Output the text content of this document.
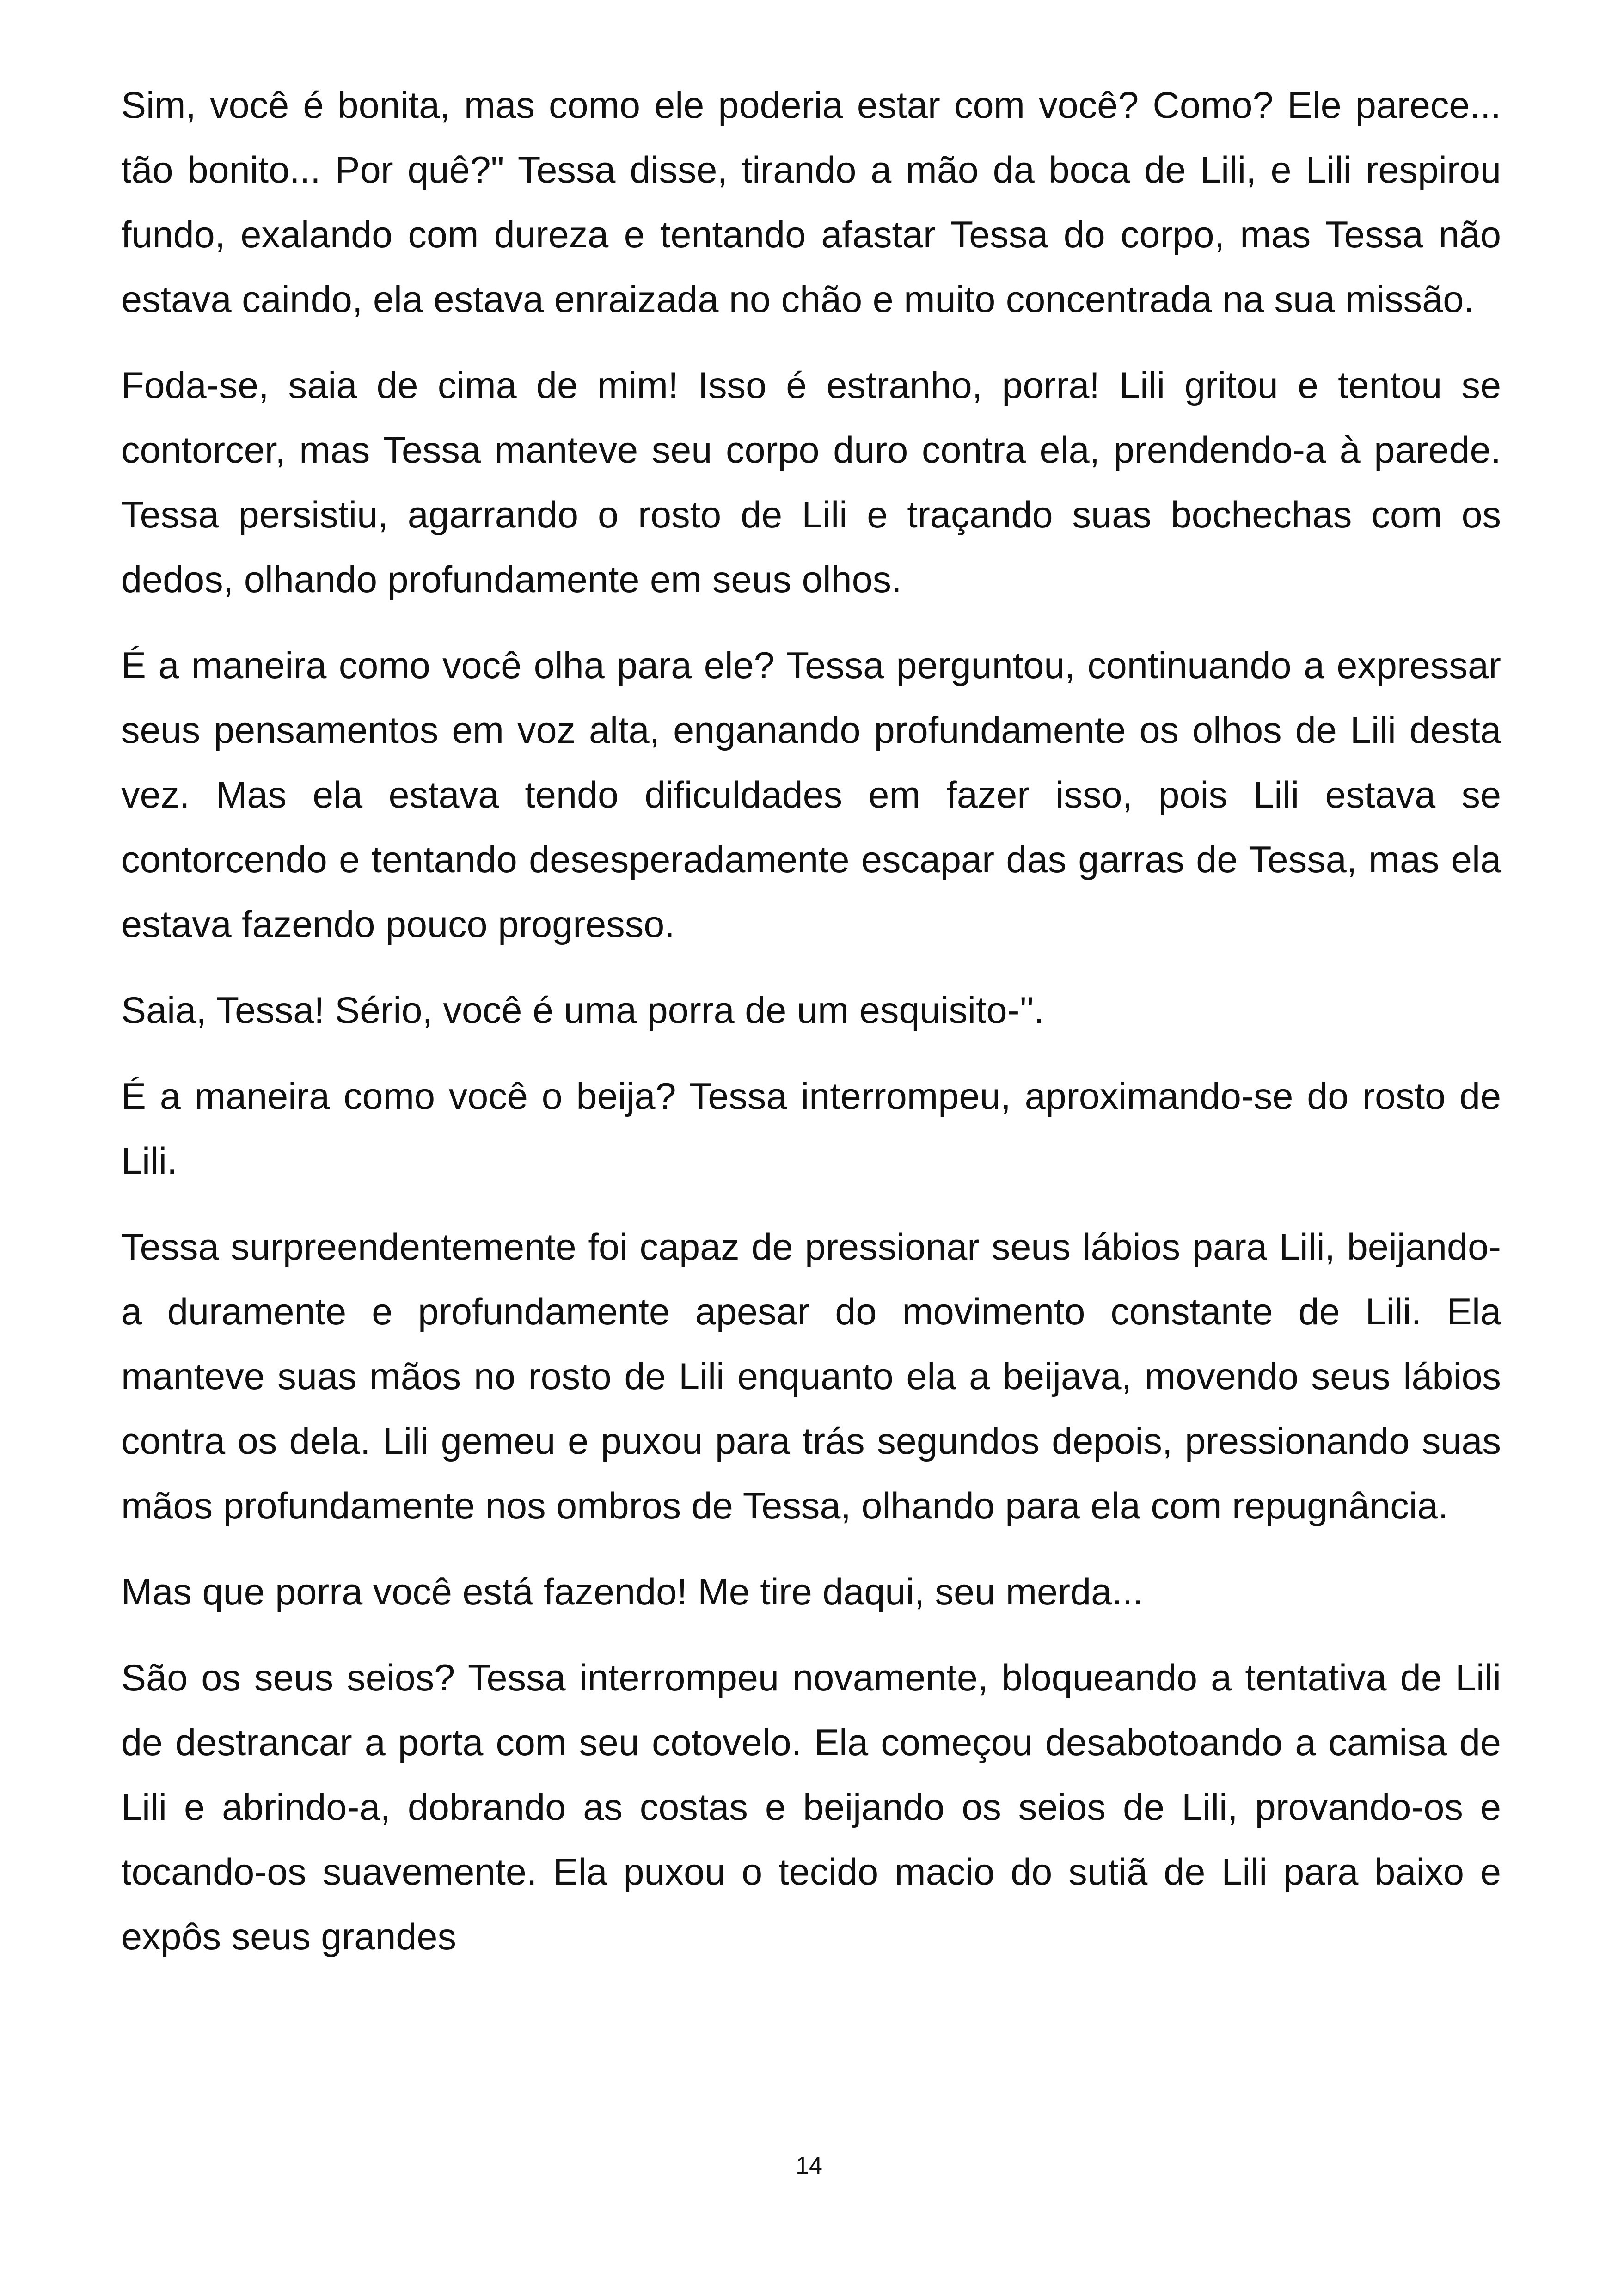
Sim, você é bonita, mas como ele poderia estar com você? Como? Ele parece... tão bonito... Por quê?" Tessa disse, tirando a mão da boca de Lili, e Lili respirou fundo, exalando com dureza e tentando afastar Tessa do corpo, mas Tessa não estava caindo, ela estava enraizada no chão e muito concentrada na sua missão.

Foda-se, saia de cima de mim! Isso é estranho, porra! Lili gritou e tentou se contorcer, mas Tessa manteve seu corpo duro contra ela, prendendo-a à parede. Tessa persistiu, agarrando o rosto de Lili e traçando suas bochechas com os dedos, olhando profundamente em seus olhos.

É a maneira como você olha para ele? Tessa perguntou, continuando a expressar seus pensamentos em voz alta, enganando profundamente os olhos de Lili desta vez. Mas ela estava tendo dificuldades em fazer isso, pois Lili estava se contorcendo e tentando desesperadamente escapar das garras de Tessa, mas ela estava fazendo pouco progresso.

Saia, Tessa! Sério, você é uma porra de um esquisito-''.

É a maneira como você o beija? Tessa interrompeu, aproximando-se do rosto de Lili.

Tessa surpreendentemente foi capaz de pressionar seus lábios para Lili, beijando-a duramente e profundamente apesar do movimento constante de Lili. Ela manteve suas mãos no rosto de Lili enquanto ela a beijava, movendo seus lábios contra os dela. Lili gemeu e puxou para trás segundos depois, pressionando suas mãos profundamente nos ombros de Tessa, olhando para ela com repugnância.

Mas que porra você está fazendo! Me tire daqui, seu merda...

São os seus seios? Tessa interrompeu novamente, bloqueando a tentativa de Lili de destrancar a porta com seu cotovelo. Ela começou desabotoando a camisa de Lili e abrindo-a, dobrando as costas e beijando os seios de Lili, provando-os e tocando-os suavemente. Ela puxou o tecido macio do sutiã de Lili para baixo e expôs seus grandes

14
